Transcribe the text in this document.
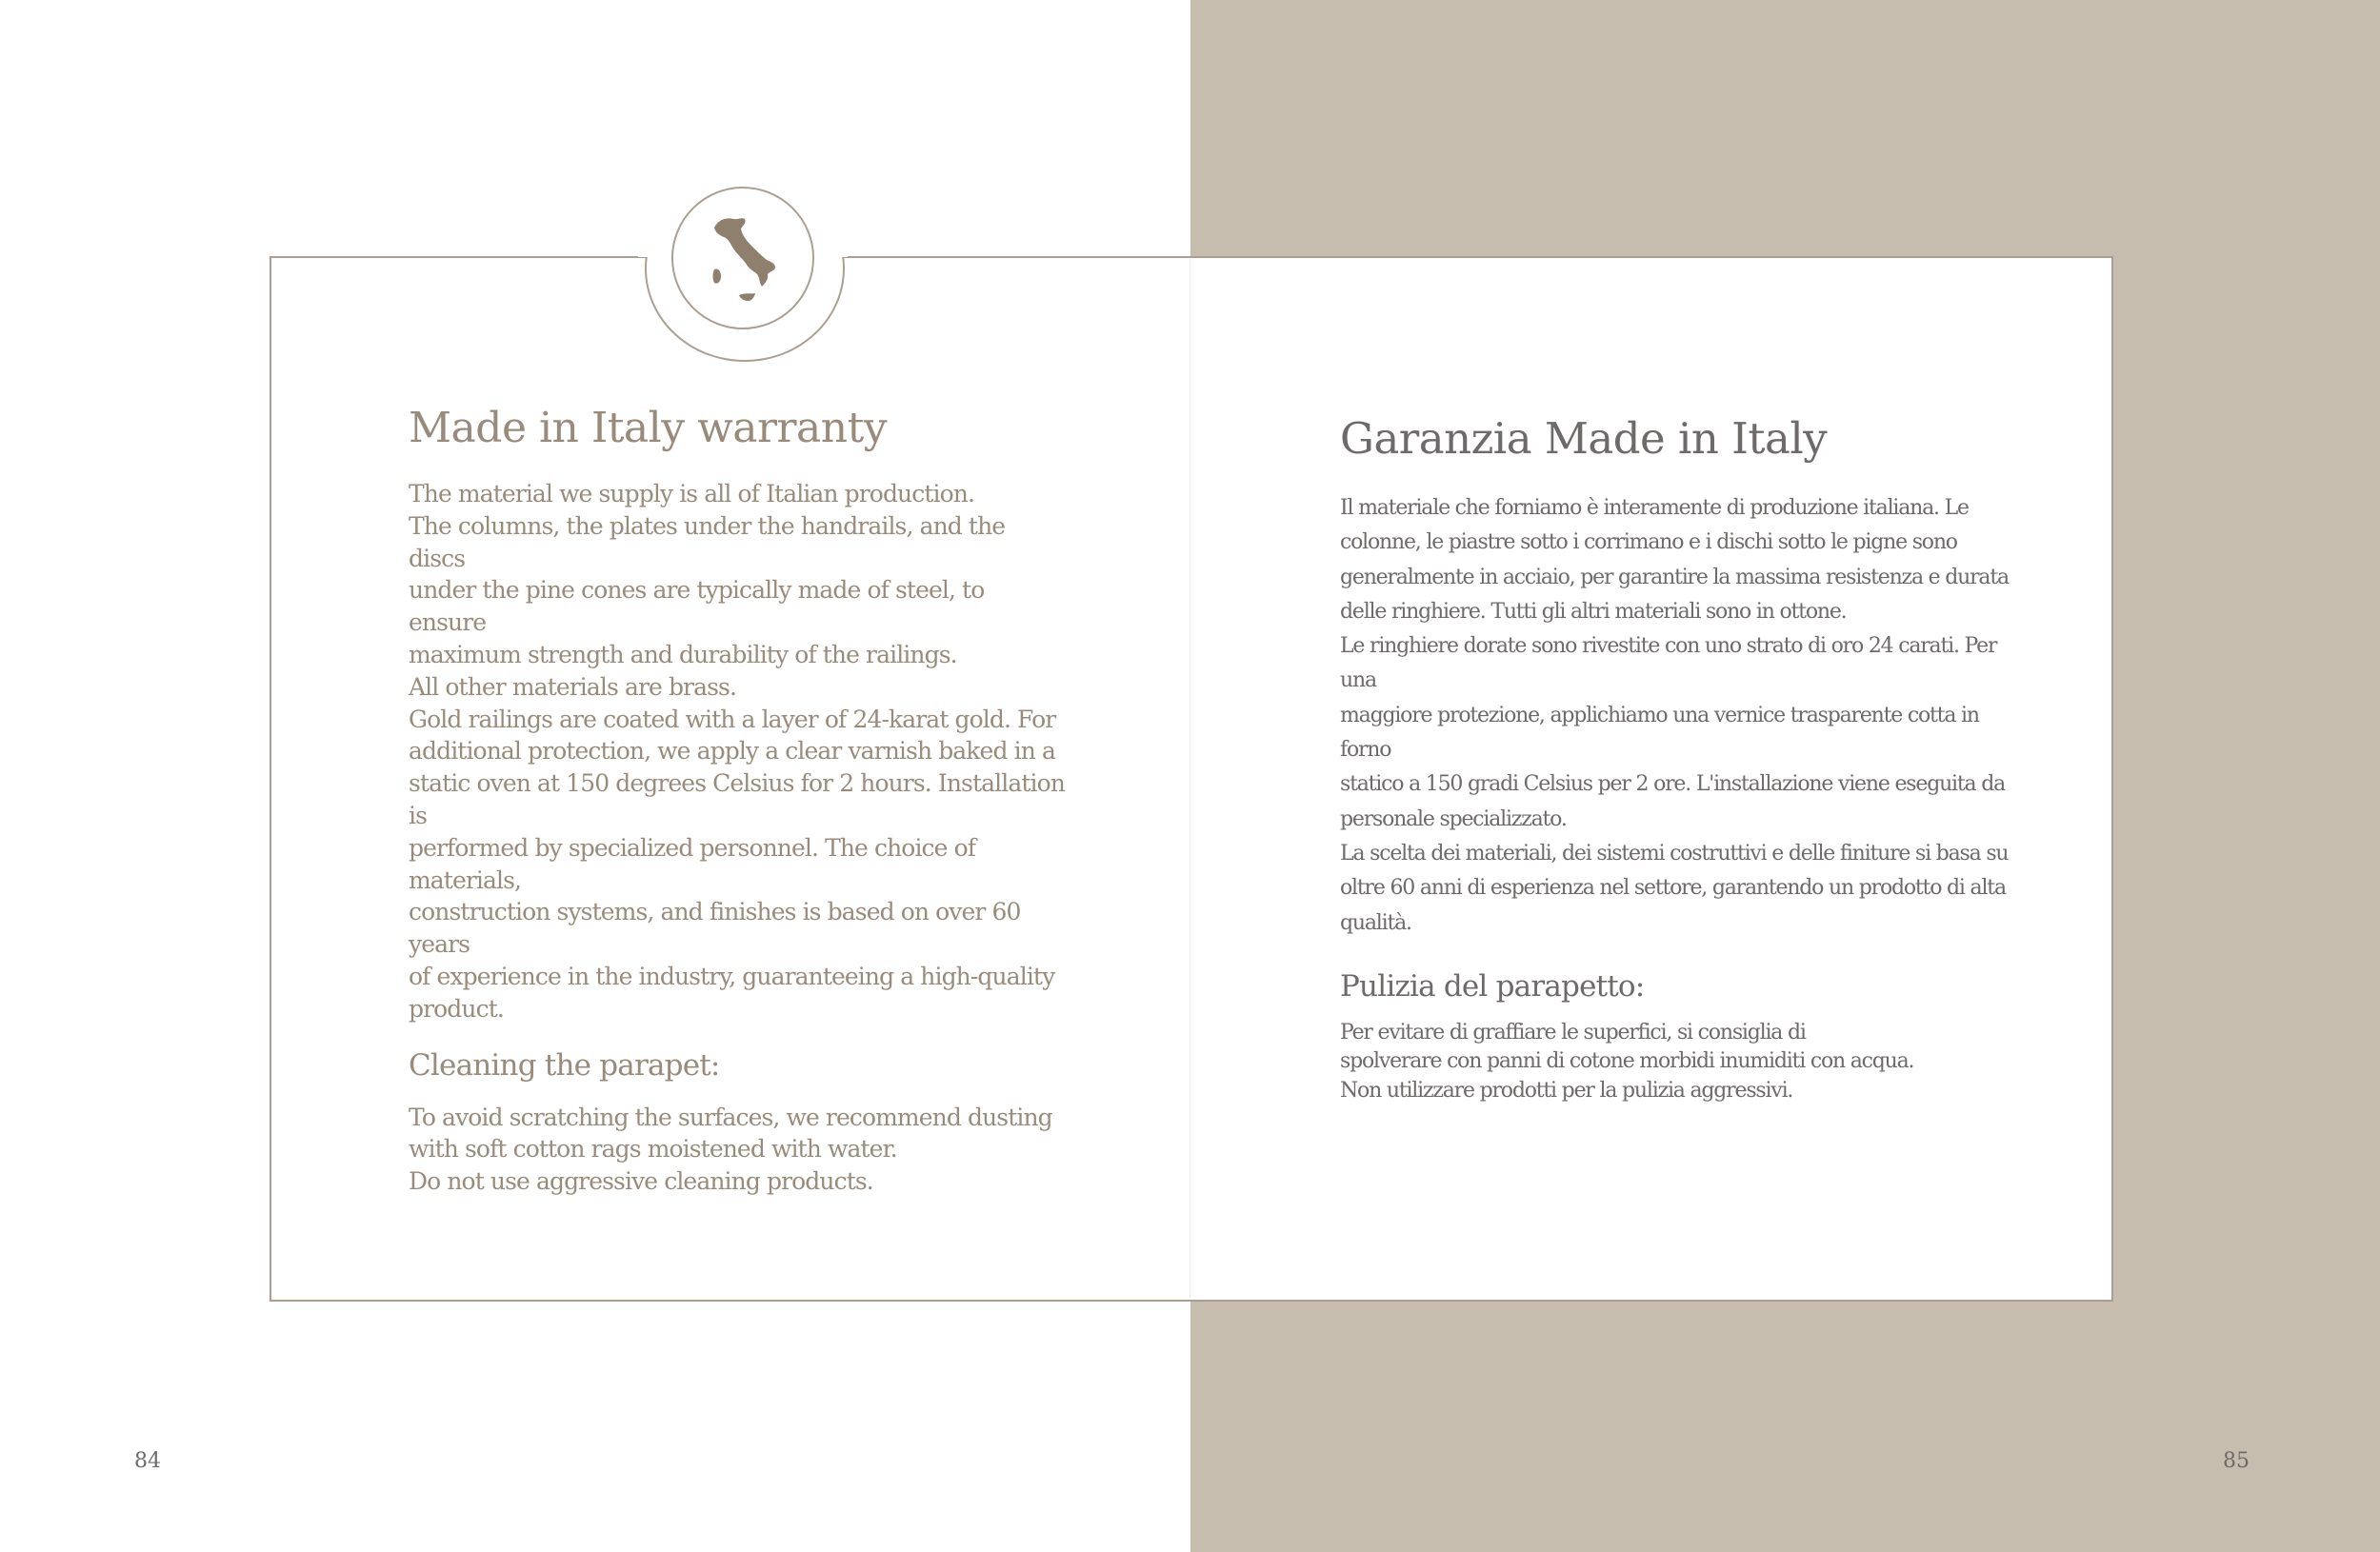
Made in Italy warranty

The material we supply is all of Italian production.
The columns, the plates under the handrails, and the discs
under the pine cones are typically made of steel, to ensure
maximum strength and durability of the railings.
All other materials are brass.
Gold railings are coated with a layer of 24-karat gold. For
additional protection, we apply a clear varnish baked in a
static oven at 150 degrees Celsius for 2 hours. Installation is
performed by specialized personnel. The choice of materials,
construction systems, and finishes is based on over 60 years
of experience in the industry, guaranteeing a high-quality
product.

Cleaning the parapet:

To avoid scratching the surfaces, we recommend dusting
with soft cotton rags moistened with water.
Do not use aggressive cleaning products.

Garanzia Made in Italy

Il materiale che forniamo è interamente di produzione italiana. Le
colonne, le piastre sotto i corrimano e i dischi sotto le pigne sono
generalmente in acciaio, per garantire la massima resistenza e durata
delle ringhiere. Tutti gli altri materiali sono in ottone.
Le ringhiere dorate sono rivestite con uno strato di oro 24 carati. Per una
maggiore protezione, applichiamo una vernice trasparente cotta in forno
statico a 150 gradi Celsius per 2 ore. L'installazione viene eseguita da
personale specializzato.
La scelta dei materiali, dei sistemi costruttivi e delle finiture si basa su
oltre 60 anni di esperienza nel settore, garantendo un prodotto di alta
qualità.

Pulizia del parapetto:

Per evitare di graffiare le superfici, si consiglia di
spolverare con panni di cotone morbidi inumiditi con acqua.
Non utilizzare prodotti per la pulizia aggressivi.

84	85
